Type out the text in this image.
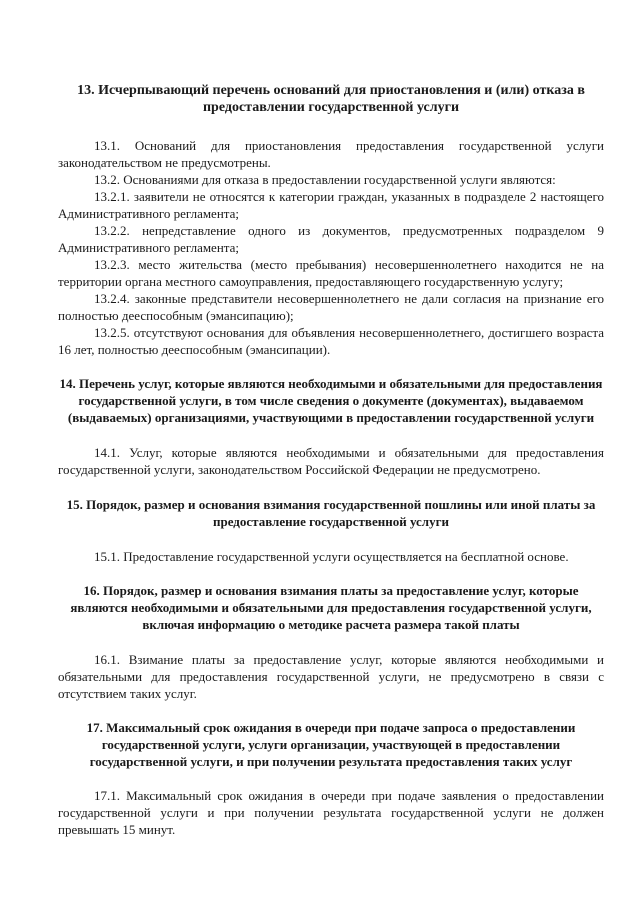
13. Исчерпывающий перечень оснований для приостановления и (или) отказа в предоставлении государственной услуги

13.1. Оснований для приостановления предоставления государственной услуги законодательством не предусмотрены.

13.2. Основаниями для отказа в предоставлении государственной услуги являются:

13.2.1. заявители не относятся к категории граждан, указанных в подразделе 2 настоящего Административного регламента;

13.2.2. непредставление одного из документов, предусмотренных подразделом 9 Административного регламента;

13.2.3. место жительства (место пребывания) несовершеннолетнего находится не на территории органа местного самоуправления, предоставляющего государственную услугу;

13.2.4. законные представители несовершеннолетнего не дали согласия на признание его полностью дееспособным (эмансипацию);

13.2.5. отсутствуют основания для объявления несовершеннолетнего, достигшего возраста 16 лет, полностью дееспособным (эмансипации).

14. Перечень услуг, которые являются необходимыми и обязательными для предоставления государственной услуги, в том числе сведения о документе (документах), выдаваемом (выдаваемых) организациями, участвующими в предоставлении государственной услуги

14.1. Услуг, которые являются необходимыми и обязательными для предоставления государственной услуги, законодательством Российской Федерации не предусмотрено.

15. Порядок, размер и основания взимания государственной пошлины или иной платы за предоставление государственной услуги

15.1. Предоставление государственной услуги осуществляется на бесплатной основе.

16. Порядок, размер и основания взимания платы за предоставление услуг, которые являются необходимыми и обязательными для предоставления государственной услуги, включая информацию о методике расчета размера такой платы

16.1. Взимание платы за предоставление услуг, которые являются необходимыми и обязательными для предоставления государственной услуги, не предусмотрено в связи с отсутствием таких услуг.

17. Максимальный срок ожидания в очереди при подаче запроса о предоставлении государственной услуги, услуги организации, участвующей в предоставлении государственной услуги, и при получении результата предоставления таких услуг

17.1. Максимальный срок ожидания в очереди при подаче заявления о предоставлении государственной услуги и при получении результата государственной услуги не должен превышать 15 минут.
